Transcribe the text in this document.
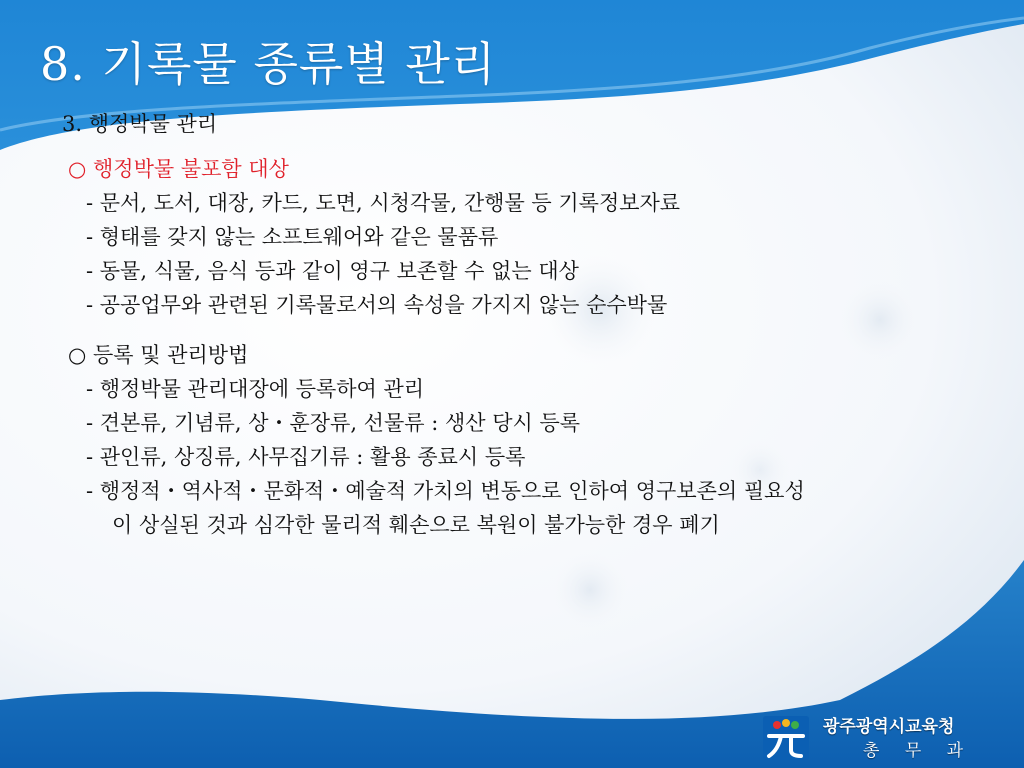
8. 기록물 종류별 관리
3. 행정박물 관리
○ 행정박물 불포함 대상
- 문서, 도서, 대장, 카드, 도면, 시청각물, 간행물 등 기록정보자료
- 형태를 갖지 않는 소프트웨어와 같은 물품류
- 동물, 식물, 음식 등과 같이 영구 보존할 수 없는 대상
- 공공업무와 관련된 기록물로서의 속성을 가지지 않는 순수박물
○ 등록 및 관리방법
- 행정박물 관리대장에 등록하여 관리
- 견본류, 기념류, 상・훈장류, 선물류 : 생산 당시 등록
- 관인류, 상징류, 사무집기류 : 활용 종료시 등록
- 행정적・역사적・문화적・예술적 가치의 변동으로 인하여 영구보존의 필요성
이 상실된 것과 심각한 물리적 훼손으로 복원이 불가능한 경우 폐기
광주광역시교육청
총 무 과
